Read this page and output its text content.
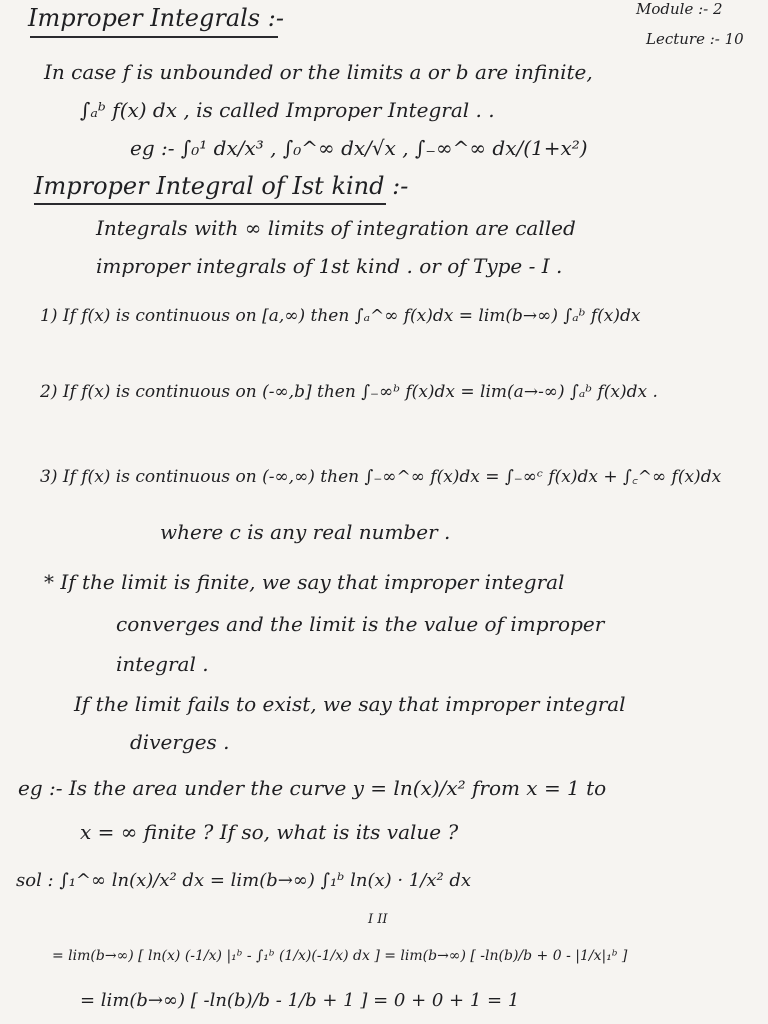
Improper Integrals :-	Module :- 2
Lecture :- 10
In case f is unbounded or the limits a or b are infinite,
∫ₐᵇ f(x) dx , is called Improper Integral . .
eg :- ∫₀¹ dx/x³ , ∫₀^∞ dx/√x , ∫₋∞^∞ dx/(1+x²)
Improper Integral of Ist kind :-
Integrals with ∞ limits of integration are called
improper integrals of 1st kind . or of Type - I .
1) If f(x) is continuous on [a,∞) then ∫ₐ^∞ f(x)dx = lim(b→∞) ∫ₐᵇ f(x)dx
2) If f(x) is continuous on (-∞,b] then ∫₋∞ᵇ f(x)dx = lim(a→-∞) ∫ₐᵇ f(x)dx .
3) If f(x) is continuous on (-∞,∞) then ∫₋∞^∞ f(x)dx = ∫₋∞ᶜ f(x)dx + ∫꜀^∞ f(x)dx
where c is any real number .
* If the limit is finite, we say that improper integral
converges and the limit is the value of improper
integral .
If the limit fails to exist, we say that improper integral
diverges .
eg :- Is the area under the curve y = ln(x)/x² from x = 1 to
x = ∞ finite ? If so, what is its value ?
sol : ∫₁^∞ ln(x)/x² dx = lim(b→∞) ∫₁ᵇ ln(x) · 1/x² dx
I II
= lim(b→∞) [ ln(x) (-1/x) |₁ᵇ - ∫₁ᵇ (1/x)(-1/x) dx ] = lim(b→∞) [ -ln(b)/b + 0 - |1/x|₁ᵇ ]
= lim(b→∞) [ -ln(b)/b - 1/b + 1 ] = 0 + 0 + 1 = 1
